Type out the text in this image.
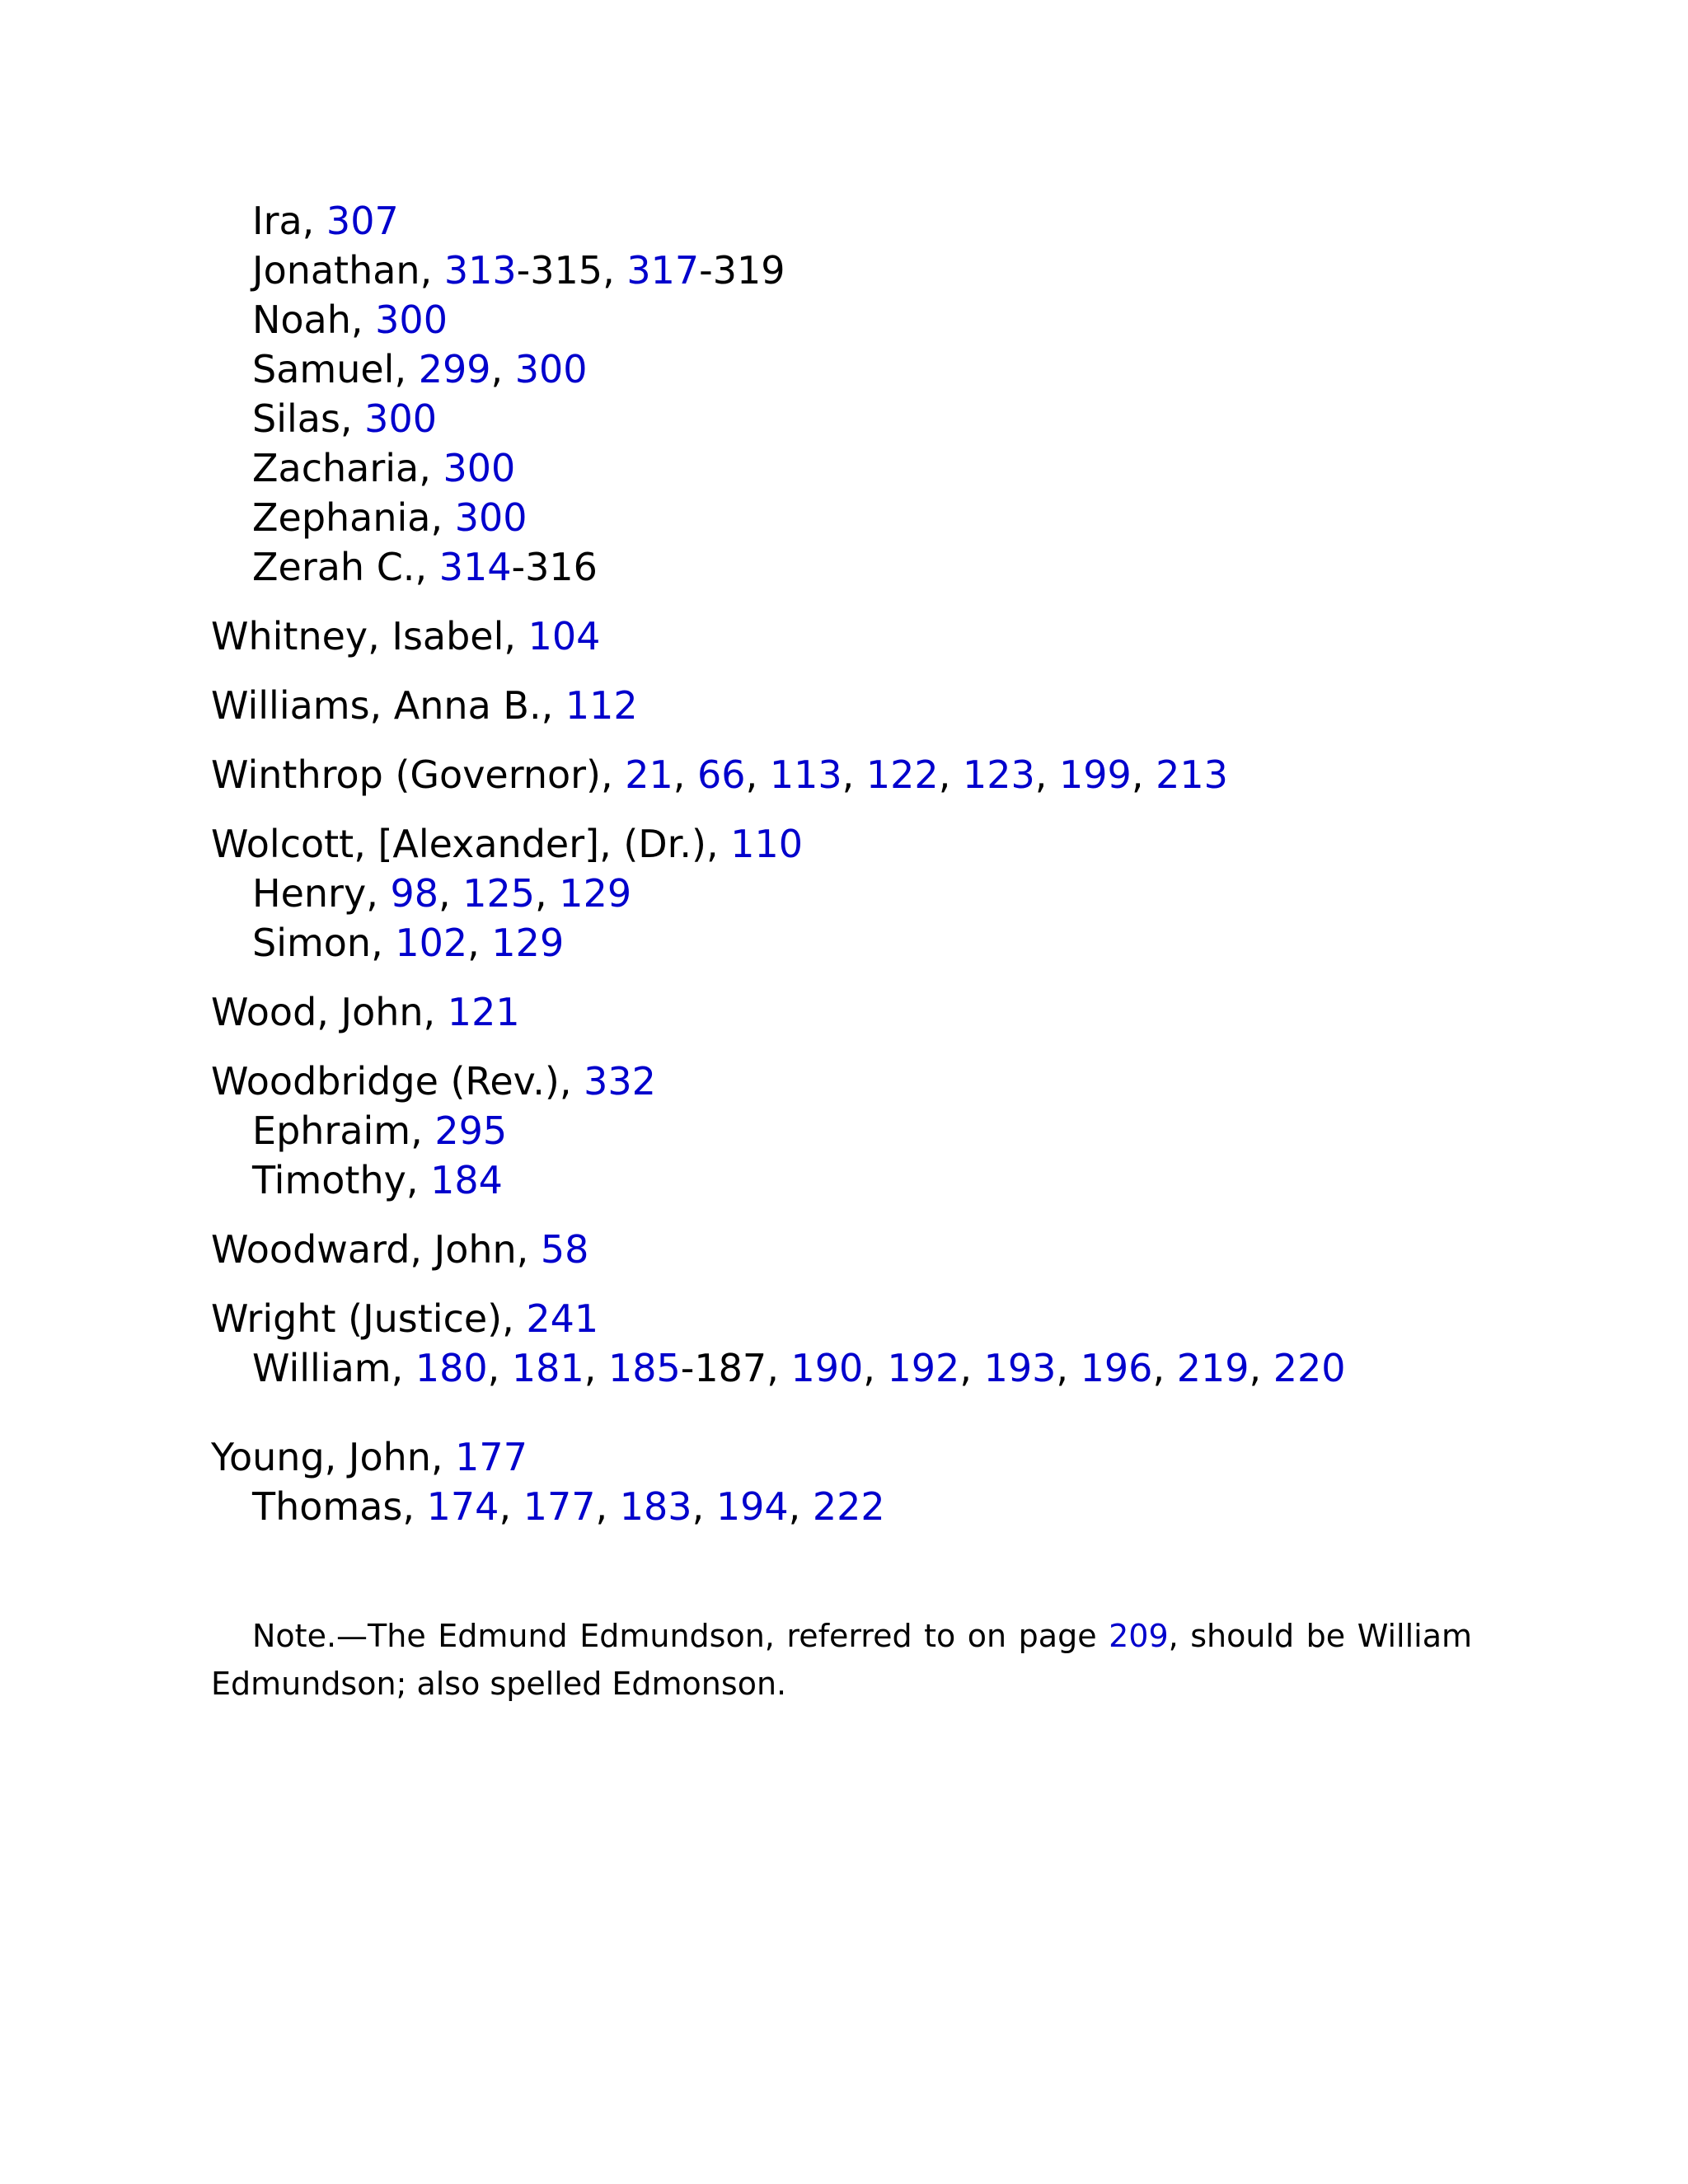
Ira, 307
Jonathan, 313-315, 317-319
Noah, 300
Samuel, 299, 300
Silas, 300
Zacharia, 300
Zephania, 300
Zerah C., 314-316
Whitney, Isabel, 104
Williams, Anna B., 112
Winthrop (Governor), 21, 66, 113, 122, 123, 199, 213
Wolcott, [Alexander], (Dr.), 110
Henry, 98, 125, 129
Simon, 102, 129
Wood, John, 121
Woodbridge (Rev.), 332
Ephraim, 295
Timothy, 184
Woodward, John, 58
Wright (Justice), 241
William, 180, 181, 185-187, 190, 192, 193, 196, 219, 220
Young, John, 177
Thomas, 174, 177, 183, 194, 222

Note.—The Edmund Edmundson, referred to on page 209, should be William Edmundson; also spelled Edmonson.
